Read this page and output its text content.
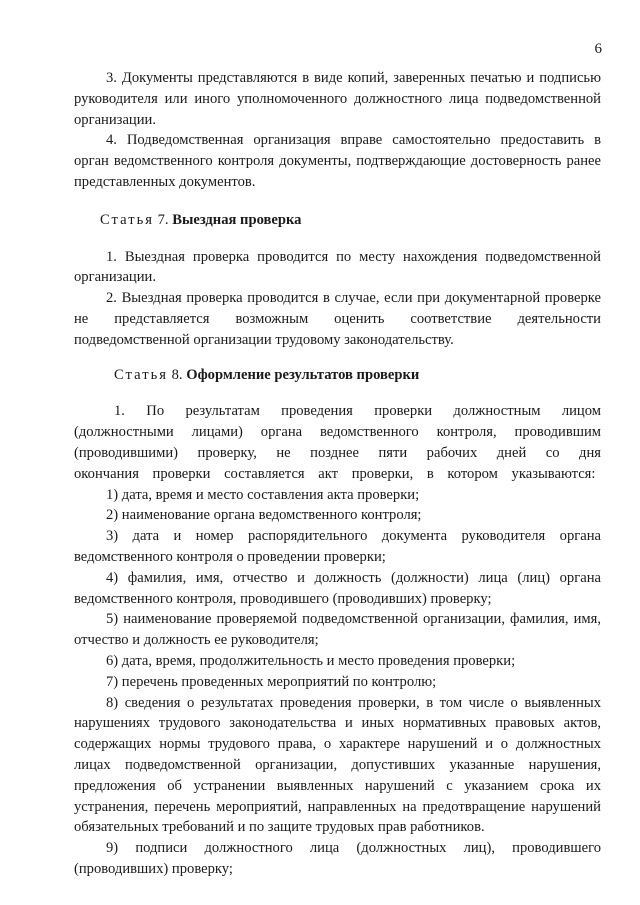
6

3. Документы представляются в виде копий, заверенных печатью и подписью руководителя или иного уполномоченного должностного лица подведомственной организации.

4. Подведомственная организация вправе самостоятельно предоставить в орган ведомственного контроля документы, подтверждающие достоверность ранее представленных документов.

Статья 7. Выездная проверка

1. Выездная проверка проводится по месту нахождения подведомственной организации.

2. Выездная проверка проводится в случае, если при документарной проверке не представляется возможным оценить соответствие деятельности подведомственной организации трудовому законодательству.

Статья 8. Оформление результатов проверки

1. По результатам проведения проверки должностным лицом (должностными лицами) органа ведомственного контроля, проводившим (проводившими) проверку, не позднее пяти рабочих дней со дня окончания проверки составляется акт проверки, в котором указываются:

1) дата, время и место составления акта проверки;

2) наименование органа ведомственного контроля;

3) дата и номер распорядительного документа руководителя органа ведомственного контроля о проведении проверки;

4) фамилия, имя, отчество и должность (должности) лица (лиц) органа ведомственного контроля, проводившего (проводивших) проверку;

5) наименование проверяемой подведомственной организации, фамилия, имя, отчество и должность ее руководителя;

6) дата, время, продолжительность и место проведения проверки;

7) перечень проведенных мероприятий по контролю;

8) сведения о результатах проведения проверки, в том числе о выявленных нарушениях трудового законодательства и иных нормативных правовых актов, содержащих нормы трудового права, о характере нарушений и о должностных лицах подведомственной организации, допустивших указанные нарушения, предложения об устранении выявленных нарушений с указанием срока их устранения, перечень мероприятий, направленных на предотвращение нарушений обязательных требований и по защите трудовых прав работников.

9) подписи должностного лица (должностных лиц), проводившего (проводивших) проверку;
